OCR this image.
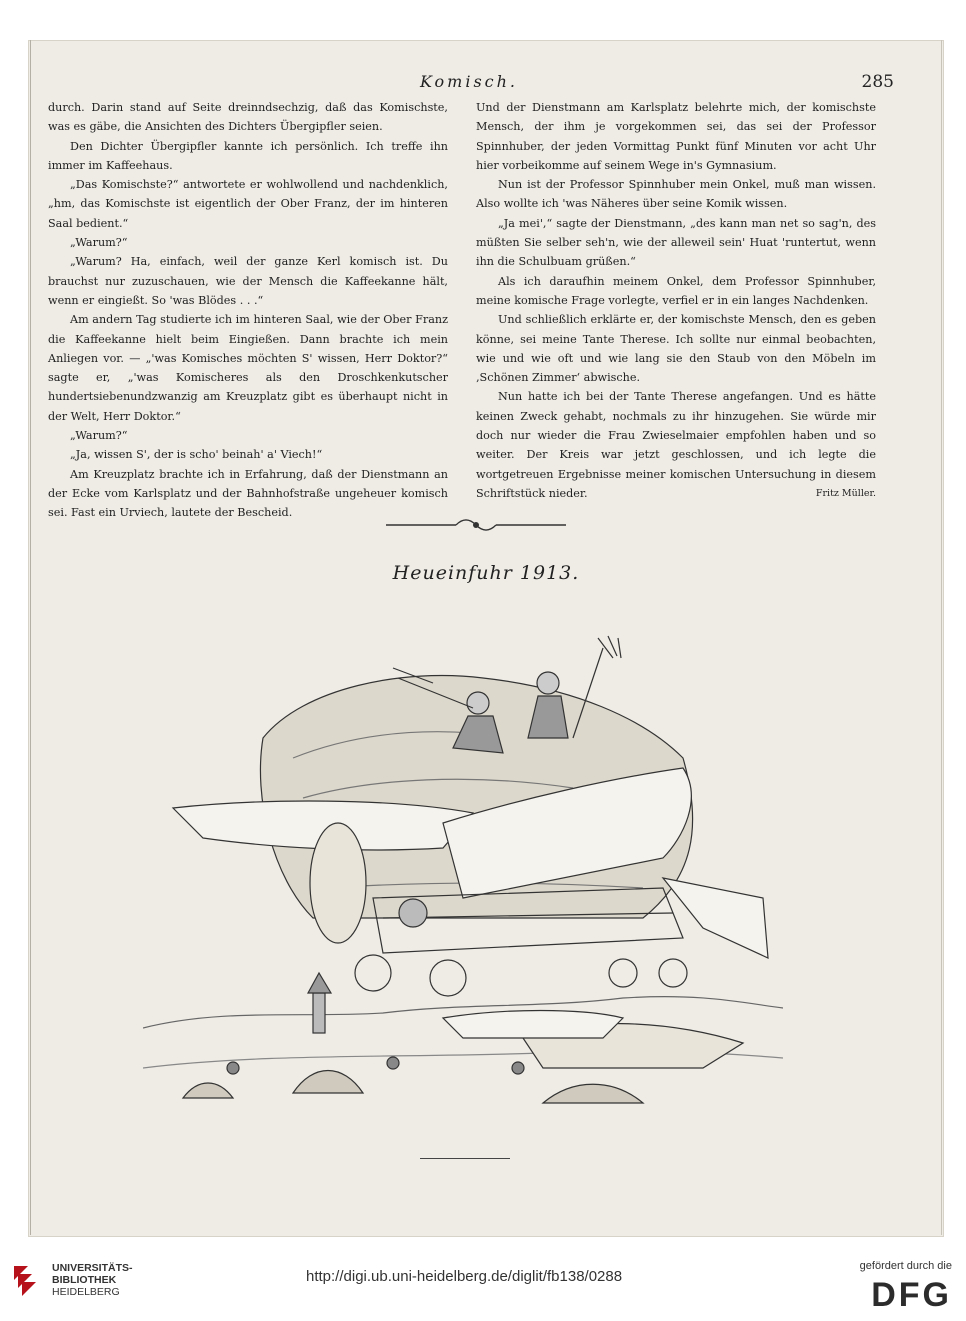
Komisch.	285

durch. Darin stand auf Seite dreinndsechzig, daß das Komischste, was es gäbe, die Ansichten des Dichters Übergipfler seien.

Den Dichter Übergipfler kannte ich persönlich. Ich treffe ihn immer im Kaffeehaus.

„Das Komischste?“ antwortete er wohlwollend und nachdenklich, „hm, das Komischste ist eigentlich der Ober Franz, der im hinteren Saal bedient.“

„Warum?“

„Warum? Ha, einfach, weil der ganze Kerl komisch ist. Du brauchst nur zuzuschauen, wie der Mensch die Kaffeekanne hält, wenn er eingießt. So 'was Blödes . . .“

Am andern Tag studierte ich im hinteren Saal, wie der Ober Franz die Kaffeekanne hielt beim Eingießen. Dann brachte ich mein Anliegen vor. — „'was Komisches möchten S' wissen, Herr Doktor?“ sagte er, „'was Komischeres als den Droschkenkutscher hundertsiebenundzwanzig am Kreuzplatz gibt es überhaupt nicht in der Welt, Herr Doktor.“

„Warum?“

„Ja, wissen S', der is scho' beinah' a' Viech!“

Am Kreuzplatz brachte ich in Erfahrung, daß der Dienstmann an der Ecke vom Karlsplatz und der Bahnhofstraße ungeheuer komisch sei. Fast ein Urviech, lautete der Bescheid.

Und der Dienstmann am Karlsplatz belehrte mich, der komischste Mensch, der ihm je vorgekommen sei, das sei der Professor Spinnhuber, der jeden Vormittag Punkt fünf Minuten vor acht Uhr hier vorbeikomme auf seinem Wege in's Gymnasium.

Nun ist der Professor Spinnhuber mein Onkel, muß man wissen. Also wollte ich 'was Näheres über seine Komik wissen.

„Ja mei',“ sagte der Dienstmann, „des kann man net so sag'n, des müßten Sie selber seh'n, wie der alleweil sein' Huat 'runtertut, wenn ihn die Schulbuam grüßen.“

Als ich daraufhin meinem Onkel, dem Professor Spinnhuber, meine komische Frage vorlegte, verfiel er in ein langes Nachdenken.

Und schließlich erklärte er, der komischste Mensch, den es geben könne, sei meine Tante Therese. Ich sollte nur einmal beobachten, wie und wie oft und wie lang sie den Staub von den Möbeln im ‚Schönen Zimmer‘ abwische.

Nun hatte ich bei der Tante Therese angefangen. Und es hätte keinen Zweck gehabt, nochmals zu ihr hinzugehen. Sie würde mir doch nur wieder die Frau Zwieselmaier empfohlen haben und so weiter. Der Kreis war jetzt geschlossen, und ich legte die wortgetreuen Ergebnisse meiner komischen Untersuchung in diesem Schriftstück nieder.	Fritz Müller.
Heueinfuhr 1913.
UNIVERSITÄTS-
BIBLIOTHEK
HEIDELBERG
http://digi.ub.uni-heidelberg.de/diglit/fb138/0288
gefördert durch die
DFG
